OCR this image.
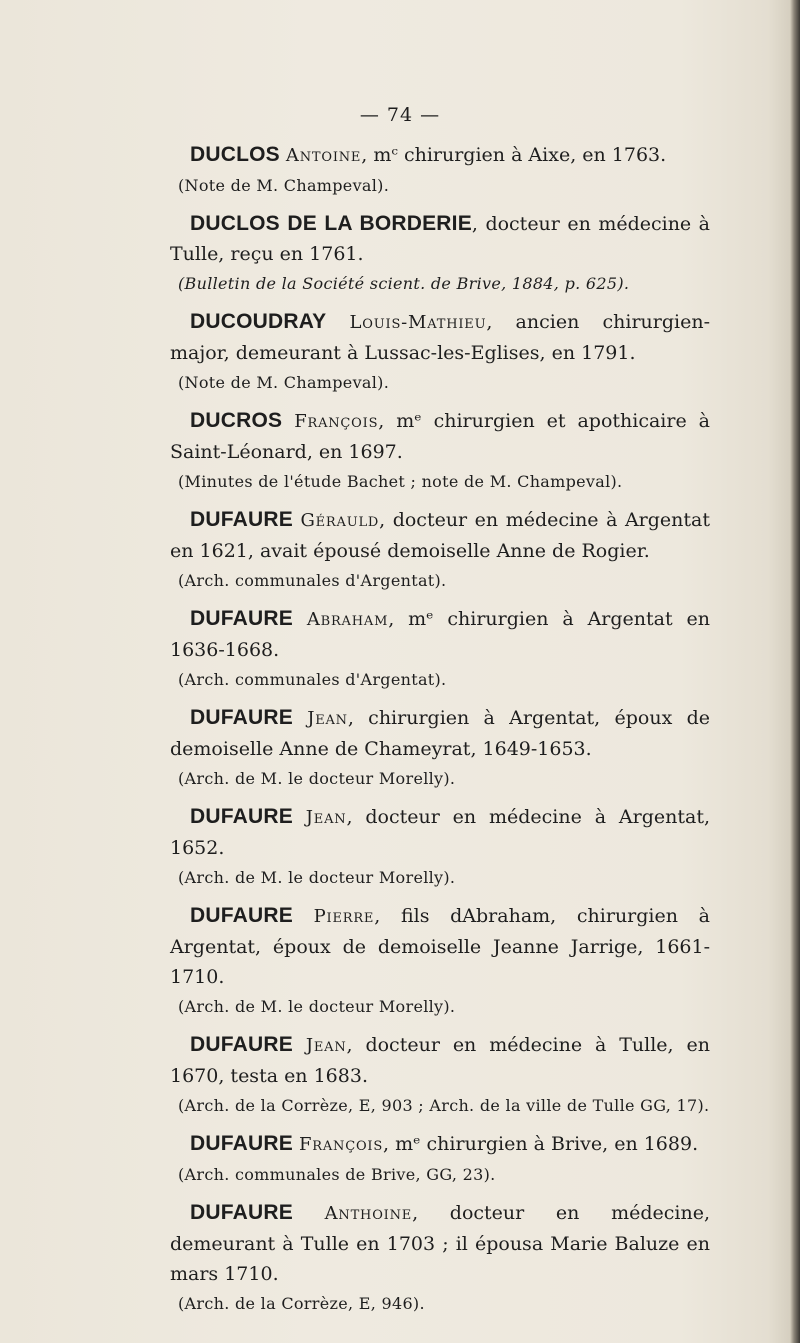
— 74 —

DUCLOS Antoine, mᶜ chirurgien à Aixe, en 1763.

(Note de M. Champeval).

DUCLOS DE LA BORDERIE, docteur en médecine à Tulle, reçu en 1761.

(Bulletin de la Société scient. de Brive, 1884, p. 625).

DUCOUDRAY Louis-Mathieu, ancien chirurgien-major, demeurant à Lussac-les-Eglises, en 1791.

(Note de M. Champeval).

DUCROS François, mᵉ chirurgien et apothicaire à Saint-Léonard, en 1697.

(Minutes de l'étude Bachet ; note de M. Champeval).

DUFAURE Gérauld, docteur en médecine à Argentat en 1621, avait épousé demoiselle Anne de Rogier.

(Arch. communales d'Argentat).

DUFAURE Abraham, mᵉ chirurgien à Argentat en 1636-1668.

(Arch. communales d'Argentat).

DUFAURE Jean, chirurgien à Argentat, époux de demoiselle Anne de Chameyrat, 1649-1653.

(Arch. de M. le docteur Morelly).

DUFAURE Jean, docteur en médecine à Argentat, 1652.

(Arch. de M. le docteur Morelly).

DUFAURE Pierre, fils dAbraham, chirurgien à Argentat, époux de demoiselle Jeanne Jarrige, 1661-1710.

(Arch. de M. le docteur Morelly).

DUFAURE Jean, docteur en médecine à Tulle, en 1670, testa en 1683.

(Arch. de la Corrèze, E, 903 ; Arch. de la ville de Tulle GG, 17).

DUFAURE François, mᵉ chirurgien à Brive, en 1689.

(Arch. communales de Brive, GG, 23).

DUFAURE Anthoine, docteur en médecine, demeurant à Tulle en 1703 ; il épousa Marie Baluze en mars 1710.

(Arch. de la Corrèze, E, 946).
